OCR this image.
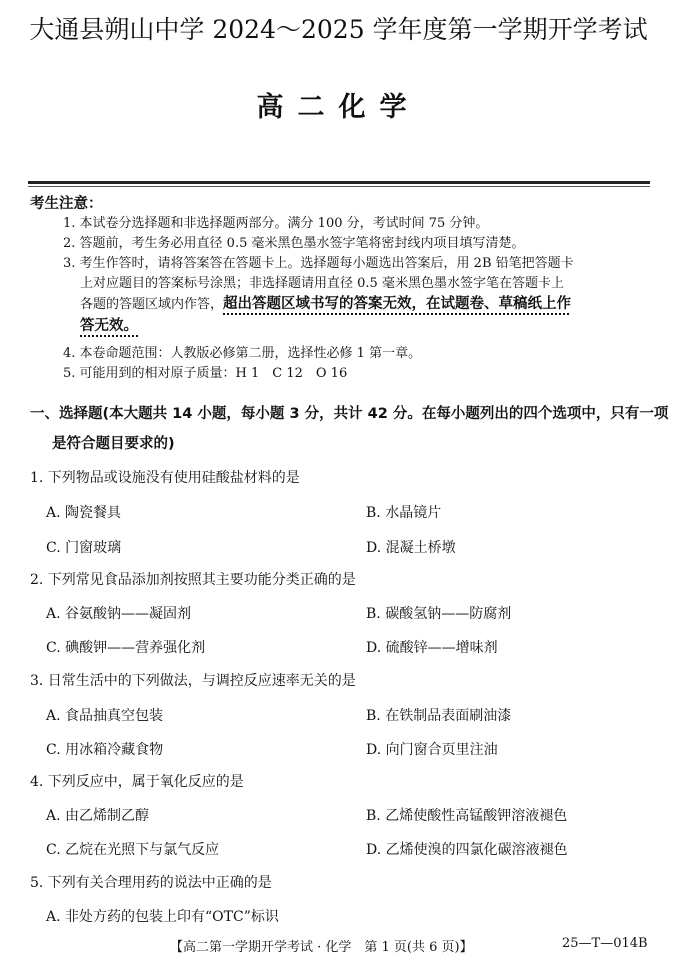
大通县朔山中学 2024～2025 学年度第一学期开学考试
高二化学
考生注意：
1. 本试卷分选择题和非选择题两部分。满分 100 分，考试时间 75 分钟。
2. 答题前，考生务必用直径 0.5 毫米黑色墨水签字笔将密封线内项目填写清楚。
3. 考生作答时，请将答案答在答题卡上。选择题每小题选出答案后，用 2B 铅笔把答题卡
上对应题目的答案标号涂黑；非选择题请用直径 0.5 毫米黑色墨水签字笔在答题卡上
各题的答题区域内作答，超出答题区域书写的答案无效，在试题卷、草稿纸上作
答无效。
4. 本卷命题范围：人教版必修第二册，选择性必修 1 第一章。
5. 可能用到的相对原子质量：H 1　C 12　O 16
一、选择题(本大题共 14 小题，每小题 3 分，共计 42 分。在每小题列出的四个选项中，只有一项
是符合题目要求的)
1. 下列物品或设施没有使用硅酸盐材料的是
A. 陶瓷餐具	B. 水晶镜片
C. 门窗玻璃	D. 混凝土桥墩
2. 下列常见食品添加剂按照其主要功能分类正确的是
A. 谷氨酸钠——凝固剂	B. 碳酸氢钠——防腐剂
C. 碘酸钾——营养强化剂	D. 硫酸锌——增味剂
3. 日常生活中的下列做法，与调控反应速率无关的是
A. 食品抽真空包装	B. 在铁制品表面刷油漆
C. 用冰箱冷藏食物	D. 向门窗合页里注油
4. 下列反应中，属于氧化反应的是
A. 由乙烯制乙醇	B. 乙烯使酸性高锰酸钾溶液褪色
C. 乙烷在光照下与氯气反应	D. 乙烯使溴的四氯化碳溶液褪色
5. 下列有关合理用药的说法中正确的是
A. 非处方药的包装上印有“OTC”标识
【高二第一学期开学考试 · 化学　第 1 页(共 6 页)】	25—T—014B
